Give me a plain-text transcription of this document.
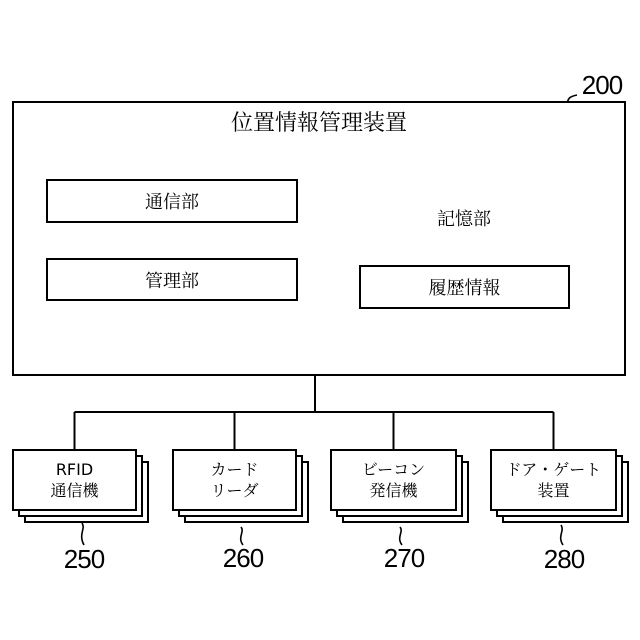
位置情報管理装置
200
通信部
管理部
記憶部
履歴情報
RFID
通信機
250
カード
リーダ
260
ビーコン
発信機
270
ドア・ゲート
装置
280
